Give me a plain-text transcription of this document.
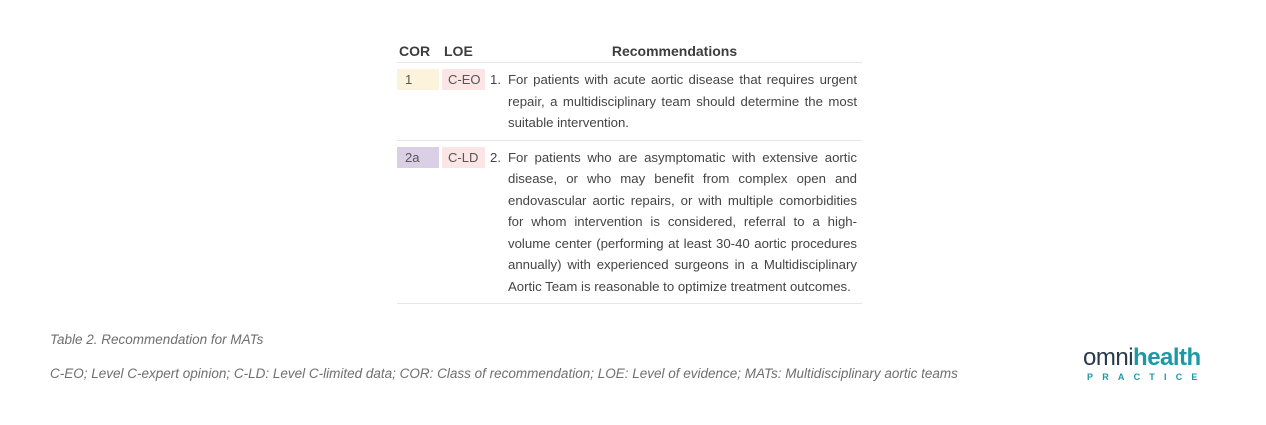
COR LOE	Recommendations
1	C-EO 1. For patients with acute aortic disease that requires urgent repair, a multidisciplinary team should determine the most suitable intervention.
2a	C-LD 2. For patients who are asymptomatic with extensive aortic disease, or who may benefit from complex open and endovascular aortic repairs, or with multiple comorbidities for whom intervention is considered, referral to a high-volume center (performing at least 30-40 aortic procedures annually) with experienced surgeons in a Multidisciplinary Aortic Team is reasonable to optimize treatment outcomes.
Table 2. Recommendation for MATs
C-EO; Level C-expert opinion; C-LD: Level C-limited data; COR: Class of recommendation; LOE: Level of evidence; MATs: Multidisciplinary aortic teams
omnihealth
PRACTICE
